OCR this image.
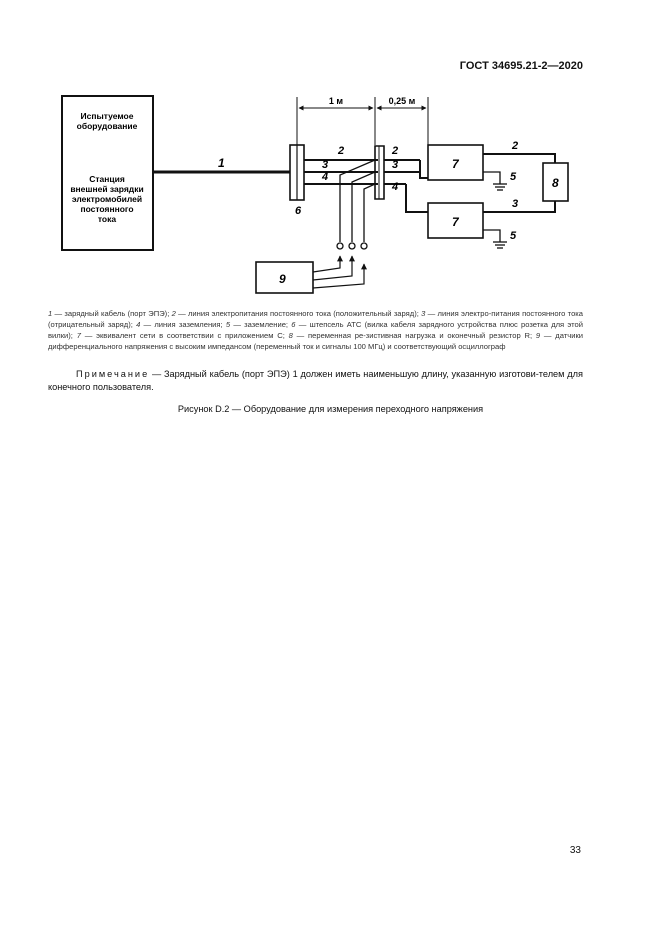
ГОСТ 34695.21-2—2020
Испытуемое
оборудование
Станция
внешней зарядки
электромобилей
постоянного
тока
1
6
1 м	0,25 м
2
3
4
9
2
3
4
7
7
5
5
2
3
8
1 — зарядный кабель (порт ЭПЭ); 2 — линия электропитания постоянного тока (положительный заряд); 3 — линия электро-питания постоянного тока (отрицательный заряд); 4 — линия заземления; 5 — заземление; 6 — штепсель ATC (вилка кабеля зарядного устройства плюс розетка для этой вилки); 7 — эквивалент сети в соответствии с приложением С; 8 — переменная ре-зистивная нагрузка и оконечный резистор R; 9 — датчики дифференциального напряжения с высоким импедансом (переменный ток и сигналы 100 МГц) и соответствующий осциллограф
Примечание — Зарядный кабель (порт ЭПЭ) 1 должен иметь наименьшую длину, указанную изготови-телем для конечного пользователя.
Рисунок D.2 — Оборудование для измерения переходного напряжения
33
